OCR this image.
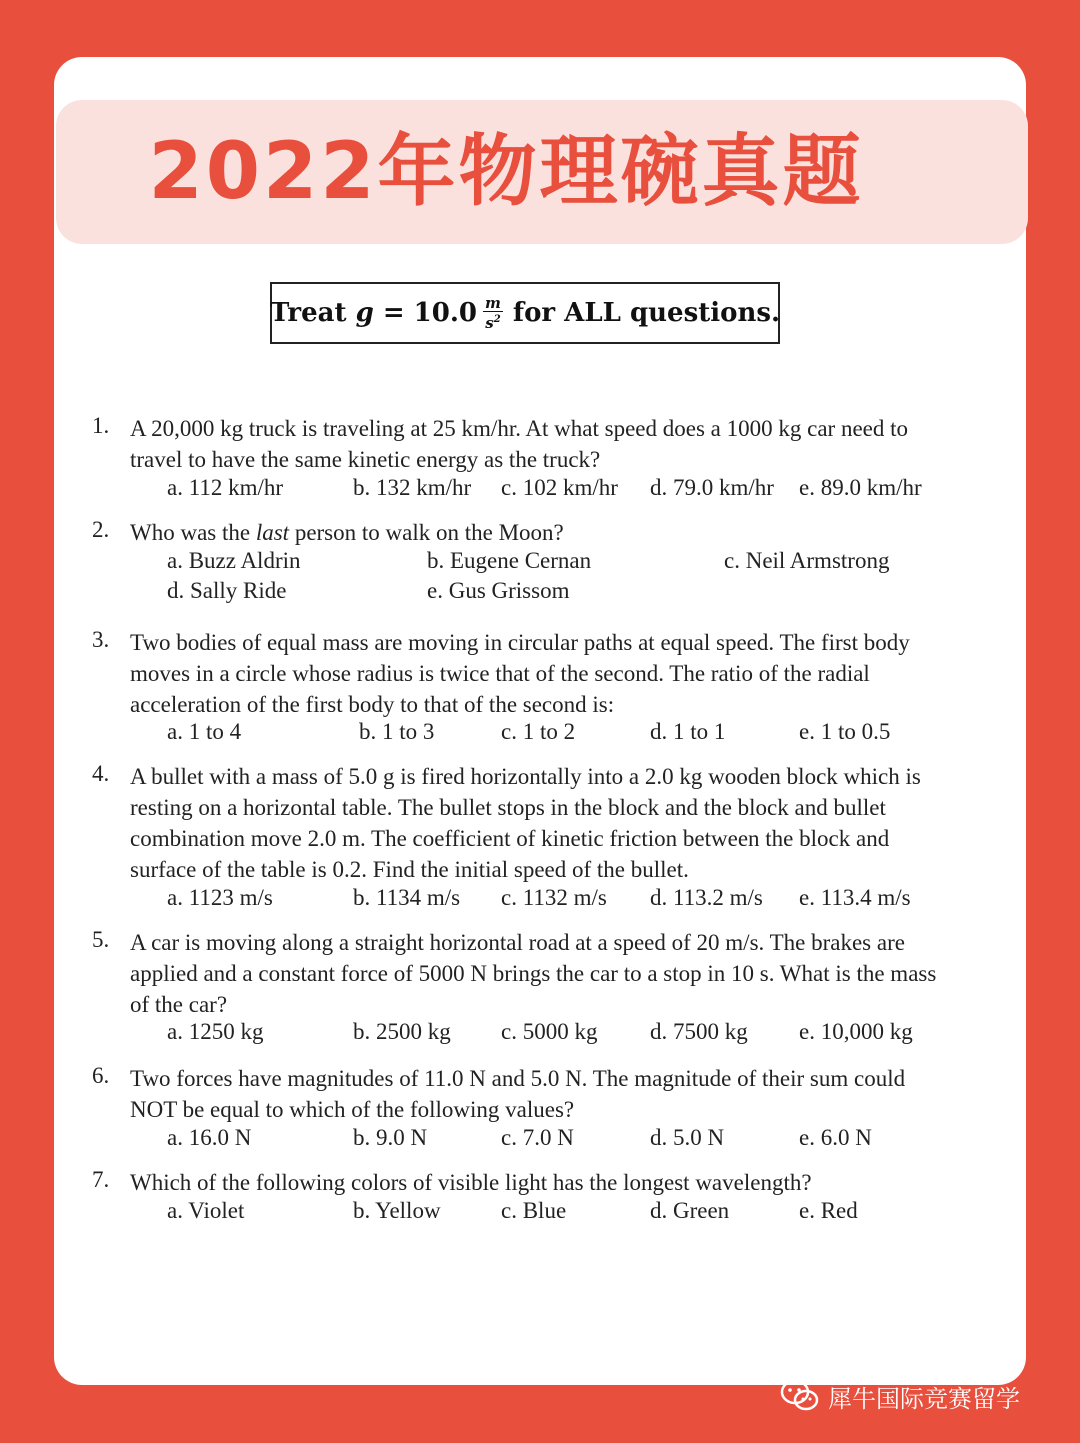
2022年物理碗真题
Treat
g
= $10.0 \frac{m}{s^2}$ for ALL questions.
1. A 20,000 kg truck is traveling at 25 km/hr. At what speed does a 1000 kg car need to
travel to have the same kinetic energy as the truck?
a. 112 km/hr	b. 132 km/hr c. 102 km/hr d. 79.0 km/hr e. 89.0 km/hr
2. Who was the last person to walk on the Moon?
a. Buzz Aldrin	b. Eugene Cernan	c. Neil Armstrong
d. Sally Ride	e. Gus Grissom
3. Two bodies of equal mass are moving in circular paths at equal speed. The first body
moves in a circle whose radius is twice that of the second. The ratio of the radial
acceleration of the first body to that of the second is:
a. 1 to 4	b. 1 to 3	c. 1 to 2	d. 1 to 1	e. 1 to 0.5
4. A bullet with a mass of 5.0 g is fired horizontally into a 2.0 kg wooden block which is
resting on a horizontal table. The bullet stops in the block and the block and bullet
combination move 2.0 m. The coefficient of kinetic friction between the block and
surface of the table is 0.2. Find the initial speed of the bullet.
a. 1123 m/s	b. 1134 m/s c. 1132 m/s d. 113.2 m/s e. 113.4 m/s
5. A car is moving along a straight horizontal road at a speed of 20 m/s. The brakes are
applied and a constant force of 5000 N brings the car to a stop in 10 s. What is the mass
of the car?
a. 1250 kg	b. 2500 kg c. 5000 kg d. 7500 kg e. 10,000 kg
6. Two forces have magnitudes of 11.0 N and 5.0 N. The magnitude of their sum could
NOT be equal to which of the following values?
a. 16.0 N	b. 9.0 N	c. 7.0 N	d. 5.0 N	e. 6.0 N
7. Which of the following colors of visible light has the longest wavelength?
a. Violet	b. Yellow	c. Blue	d. Green	e. Red
犀牛国际竞赛留学
